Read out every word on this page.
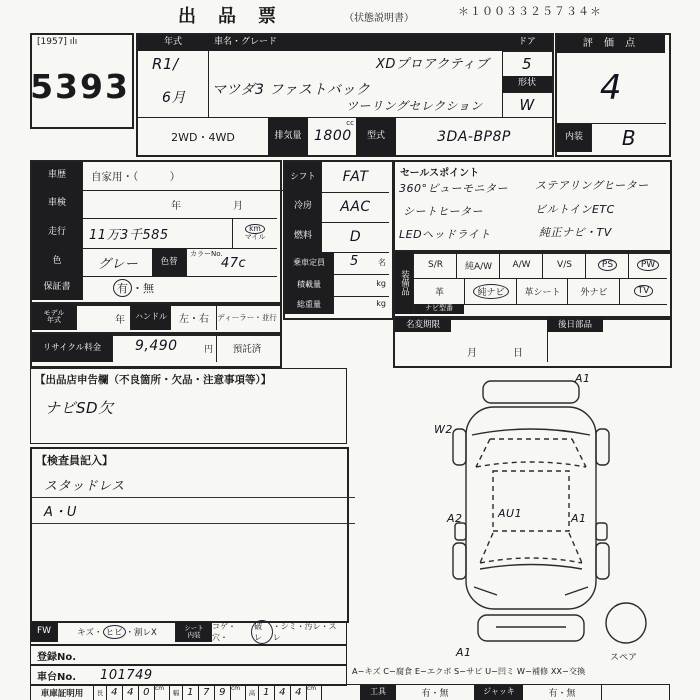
出　品　票	（状態説明書）
＊１００３３２５７３４＊
[1957] ılı
5393
年式
R1/
6月
車名・グレード
XDプロアクティブ
マツダ3 ファストバック
ツーリングセレクション
ドア
5
形状
W
2WD・4WD	排気量 1800
cc
型式	3DA-BP8P
評 価 点
4
内装	B
車歴	自家用・（　　　）
車検	年	月
走行	11万3千585	km
マイル
色	グレー	色替
カラーNo.
47c
保証書	有 ・ 無
シフト	FAT
冷房	AAC
燃料	D
乗車定員	5 名
積載量	kg
総重量	kg
セールスポイント
360°ビューモニター ステアリングヒーター
シートヒーター	ビルトインETC
LEDヘッドライト	純正ナビ・TV
装備品
S/R 純A/W A/W	V/S	PS	PW
革	純ナビ	革シート 外ナビ	TV
ナビ型番
名変期限
月	日
後日部品
モデル
年式	年	ハンドル	左・右	ディーラー・並行
リサイクル料金	9,490	円	預託済
【出品店申告欄（不良箇所・欠品・注意事項等）】
ナビSD欠
【検査員記入】
スタッドレス
A・U
FW	キズ・ ヒビ ・割レX	シート
内装
コゲ・穴・
破レ
・シミ・汚レ・スレ
登録No.
車台No.	101749	A−キズ C−腐食 E−エクボ S−サビ U−凹ミ W−補修 XX−交換
車庫証明用	長 4 4 0 cm
幅 1 7 9 cm
高 1 4 4 cm	工具	有・無	ジャッキ	有・無
A1
W2
A2	AU1	A1
A1	スペア
